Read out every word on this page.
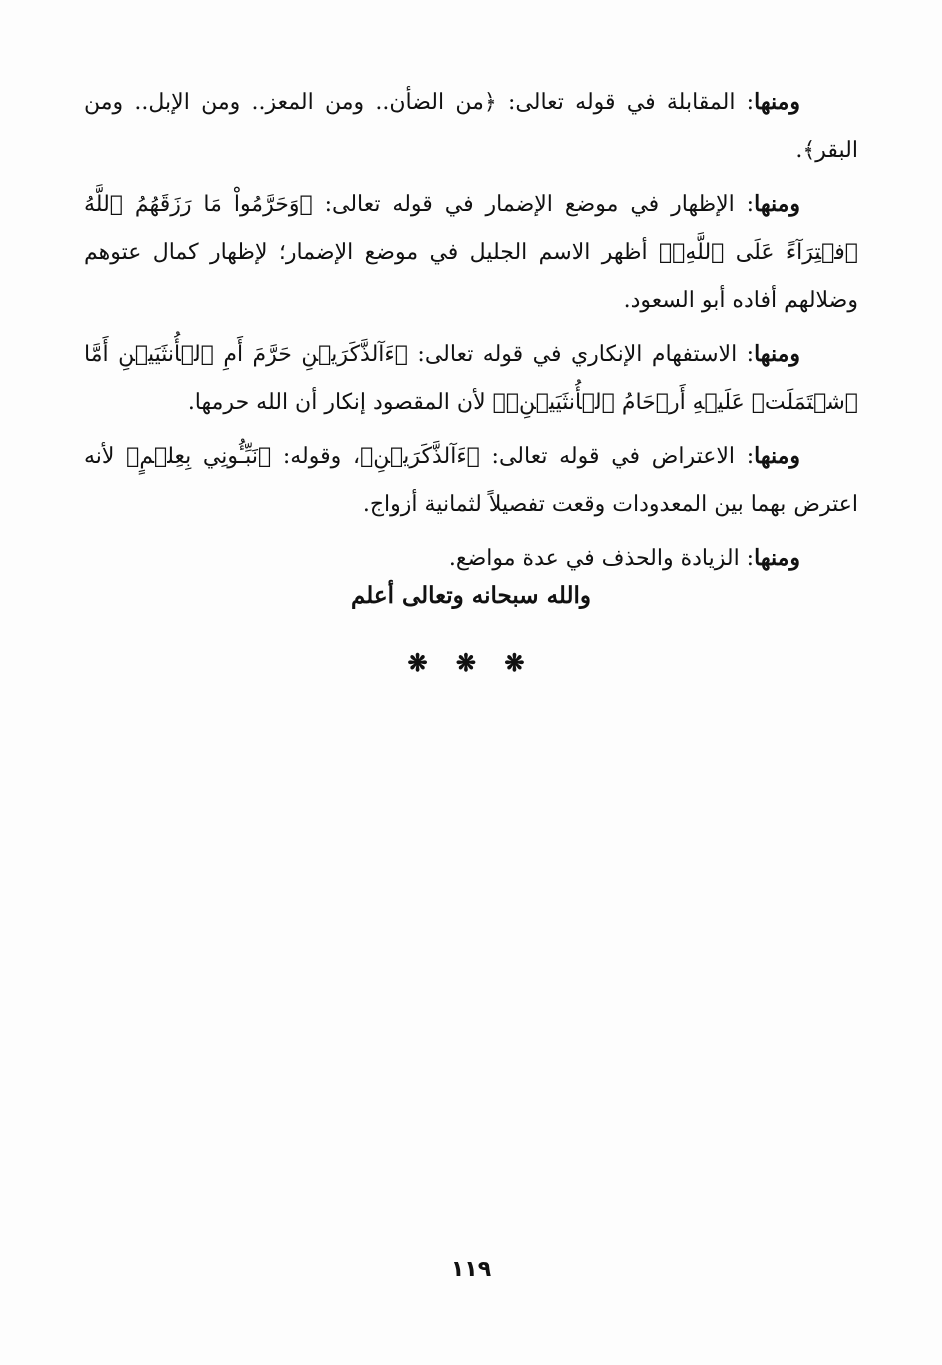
ومنها: المقابلة في قوله تعالى: ﴿من الضأن.. ومن المعز.. ومن الإبل.. ومن البقر﴾.

ومنها: الإظهار في موضع الإضمار في قوله تعالى: ﴿وَحَرَّمُواْ مَا رَزَقَهُمُ ٱللَّهُ ٱفۡتِرَآءً عَلَى ٱللَّهِۚ﴾ أظهر الاسم الجليل في موضع الإضمار؛ لإظهار كمال عتوهم وضلالهم أفاده أبو السعود.

ومنها: الاستفهام الإنكاري في قوله تعالى: ﴿ءَآلذَّكَرَيۡنِ حَرَّمَ أَمِ ٱلۡأُنثَيَيۡنِ أَمَّا ٱشۡتَمَلَتۡ عَلَيۡهِ أَرۡحَامُ ٱلۡأُنثَيَيۡنِۖ﴾ لأن المقصود إنكار أن الله حرمها.

ومنها: الاعتراض في قوله تعالى: ﴿ءَآلذَّكَرَيۡنِ﴾، وقوله: ﴿نَبِّـُٔونِي بِعِلۡمٍ﴾ لأنه اعترض بهما بين المعدودات وقعت تفصيلاً لثمانية أزواج.

ومنها: الزيادة والحذف في عدة مواضع.

والله سبحانه وتعالى أعلم
❋ ❋ ❋
١١٩
